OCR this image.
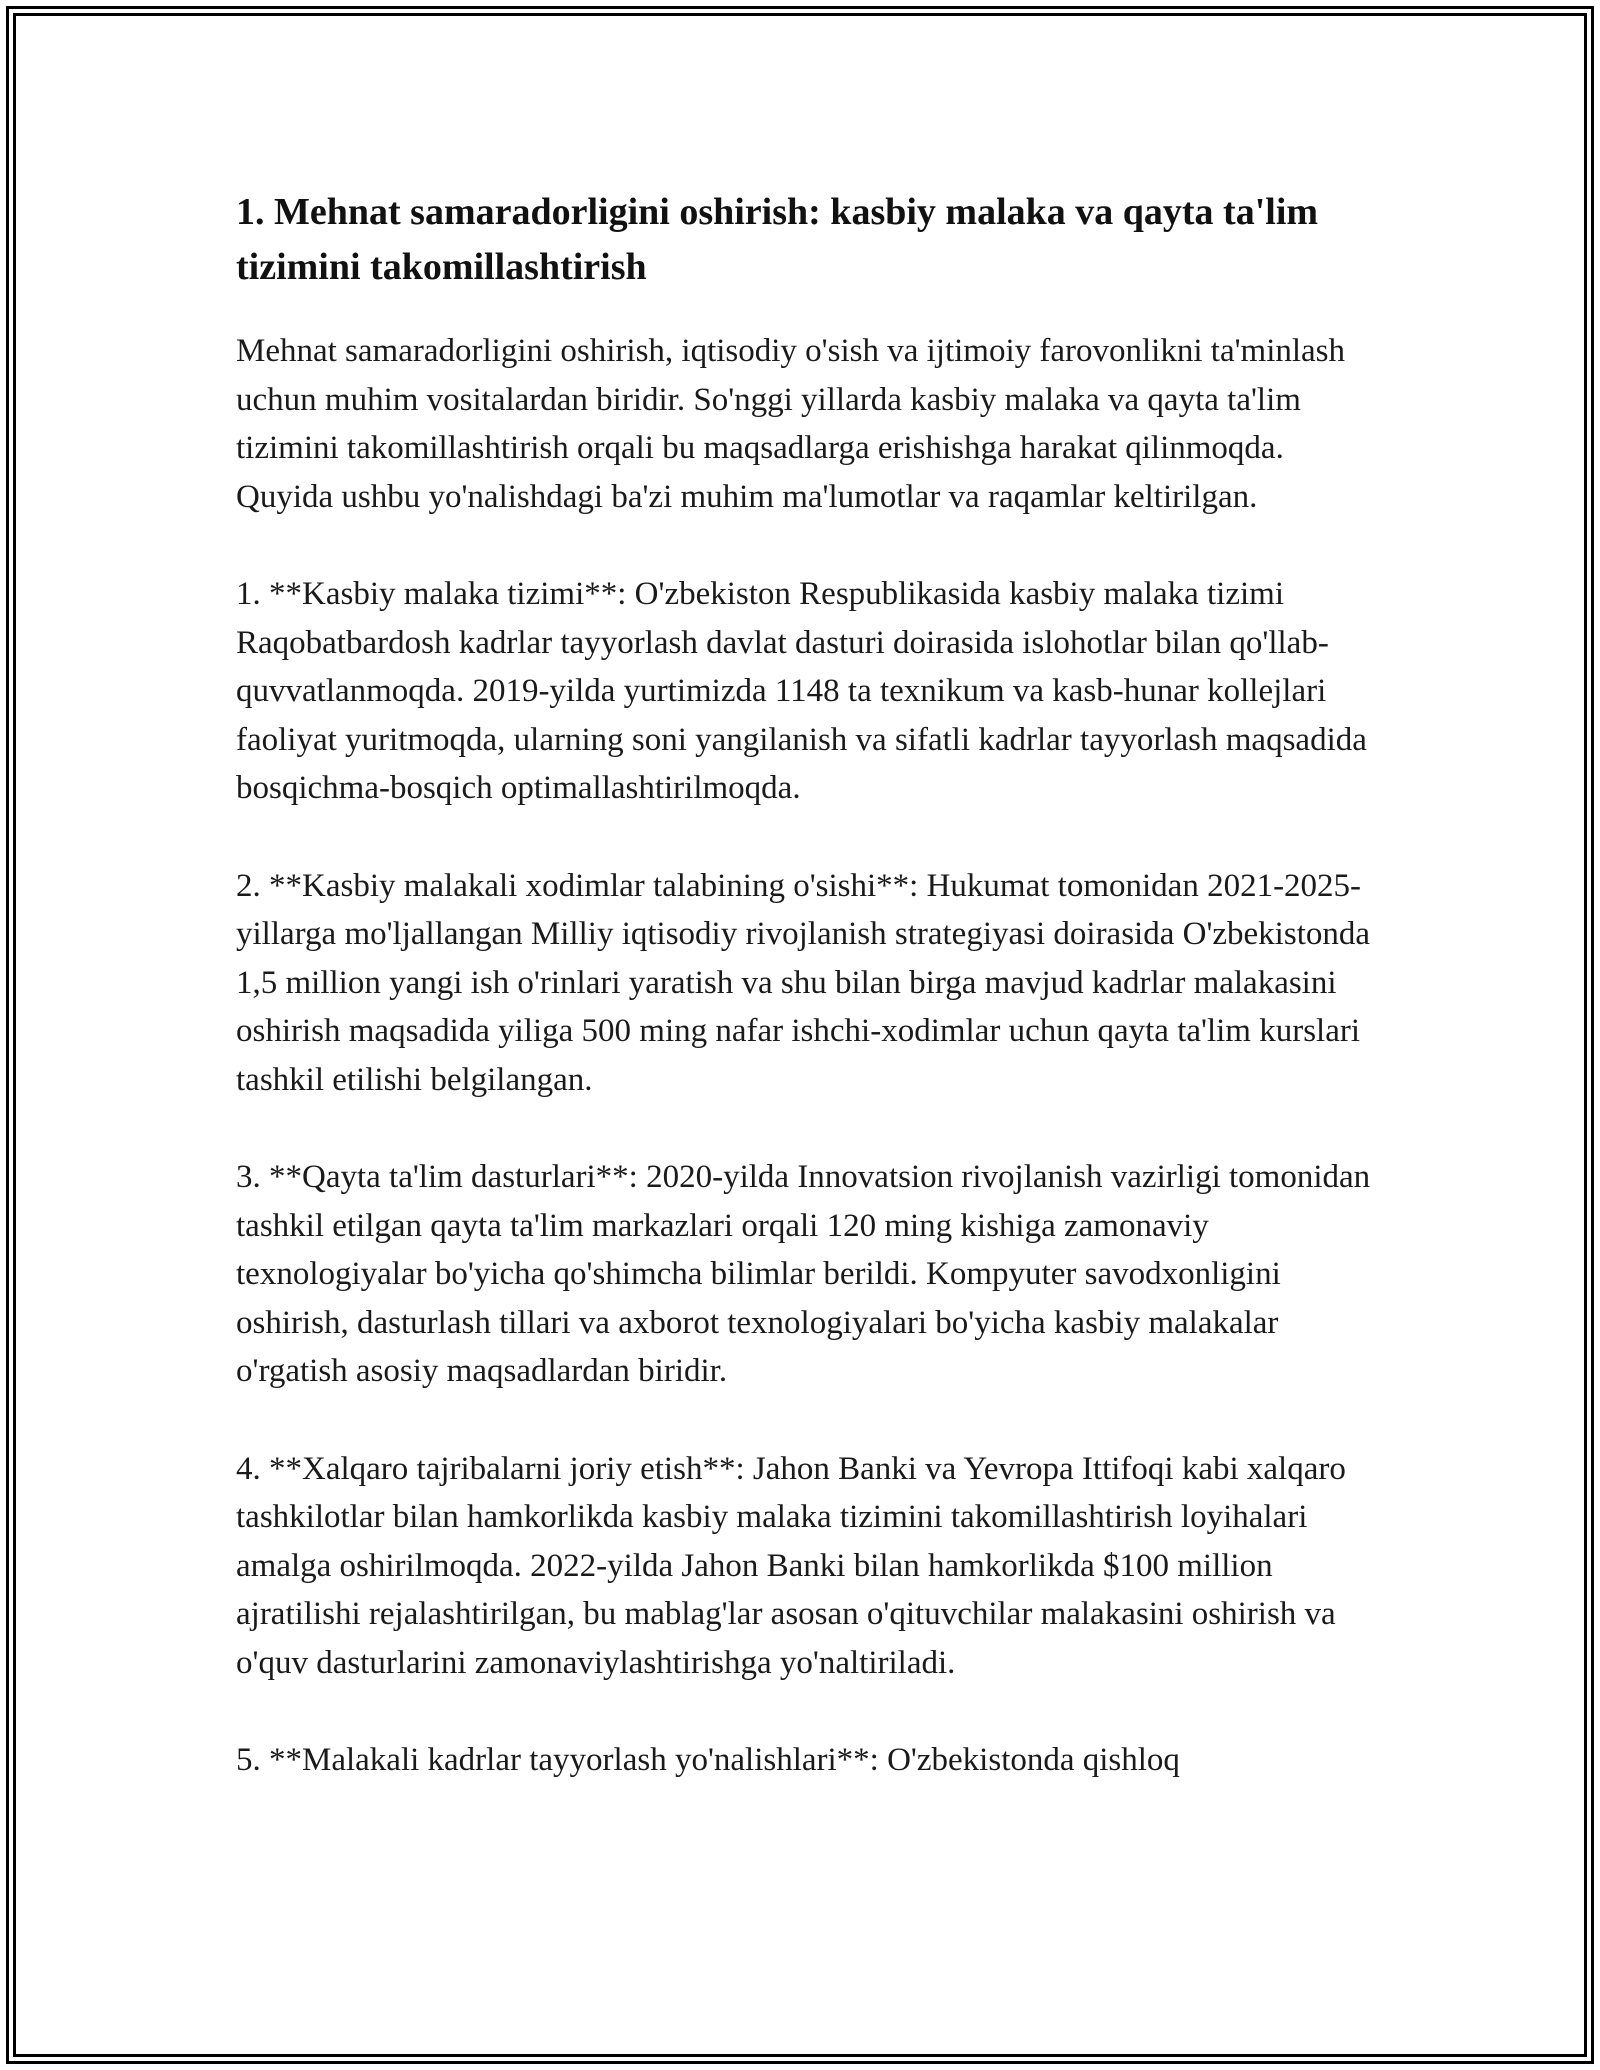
1. Mehnat samaradorligini oshirish: kasbiy malaka va qayta ta'lim tizimini takomillashtirish

Mehnat samaradorligini oshirish, iqtisodiy o'sish va ijtimoiy farovonlikni ta'minlash uchun muhim vositalardan biridir. So'nggi yillarda kasbiy malaka va qayta ta'lim tizimini takomillashtirish orqali bu maqsadlarga erishishga harakat qilinmoqda. Quyida ushbu yo'nalishdagi ba'zi muhim ma'lumotlar va raqamlar keltirilgan.

1. **Kasbiy malaka tizimi**: O'zbekiston Respublikasida kasbiy malaka tizimi Raqobatbardosh kadrlar tayyorlash davlat dasturi doirasida islohotlar bilan qo'llab-quvvatlanmoqda. 2019-yilda yurtimizda 1148 ta texnikum va kasb-hunar kollejlari faoliyat yuritmoqda, ularning soni yangilanish va sifatli kadrlar tayyorlash maqsadida bosqichma-bosqich optimallashtirilmoqda.

2. **Kasbiy malakali xodimlar talabining o'sishi**: Hukumat tomonidan 2021-2025-yillarga mo'ljallangan Milliy iqtisodiy rivojlanish strategiyasi doirasida O'zbekistonda 1,5 million yangi ish o'rinlari yaratish va shu bilan birga mavjud kadrlar malakasini oshirish maqsadida yiliga 500 ming nafar ishchi-xodimlar uchun qayta ta'lim kurslari tashkil etilishi belgilangan.

3. **Qayta ta'lim dasturlari**: 2020-yilda Innovatsion rivojlanish vazirligi tomonidan tashkil etilgan qayta ta'lim markazlari orqali 120 ming kishiga zamonaviy texnologiyalar bo'yicha qo'shimcha bilimlar berildi. Kompyuter savodxonligini oshirish, dasturlash tillari va axborot texnologiyalari bo'yicha kasbiy malakalar o'rgatish asosiy maqsadlardan biridir.

4. **Xalqaro tajribalarni joriy etish**: Jahon Banki va Yevropa Ittifoqi kabi xalqaro tashkilotlar bilan hamkorlikda kasbiy malaka tizimini takomillashtirish loyihalari amalga oshirilmoqda. 2022-yilda Jahon Banki bilan hamkorlikda $100 million ajratilishi rejalashtirilgan, bu mablag'lar asosan o'qituvchilar malakasini oshirish va o'quv dasturlarini zamonaviylashtirishga yo'naltiriladi.

5. **Malakali kadrlar tayyorlash yo'nalishlari**: O'zbekistonda qishloq
